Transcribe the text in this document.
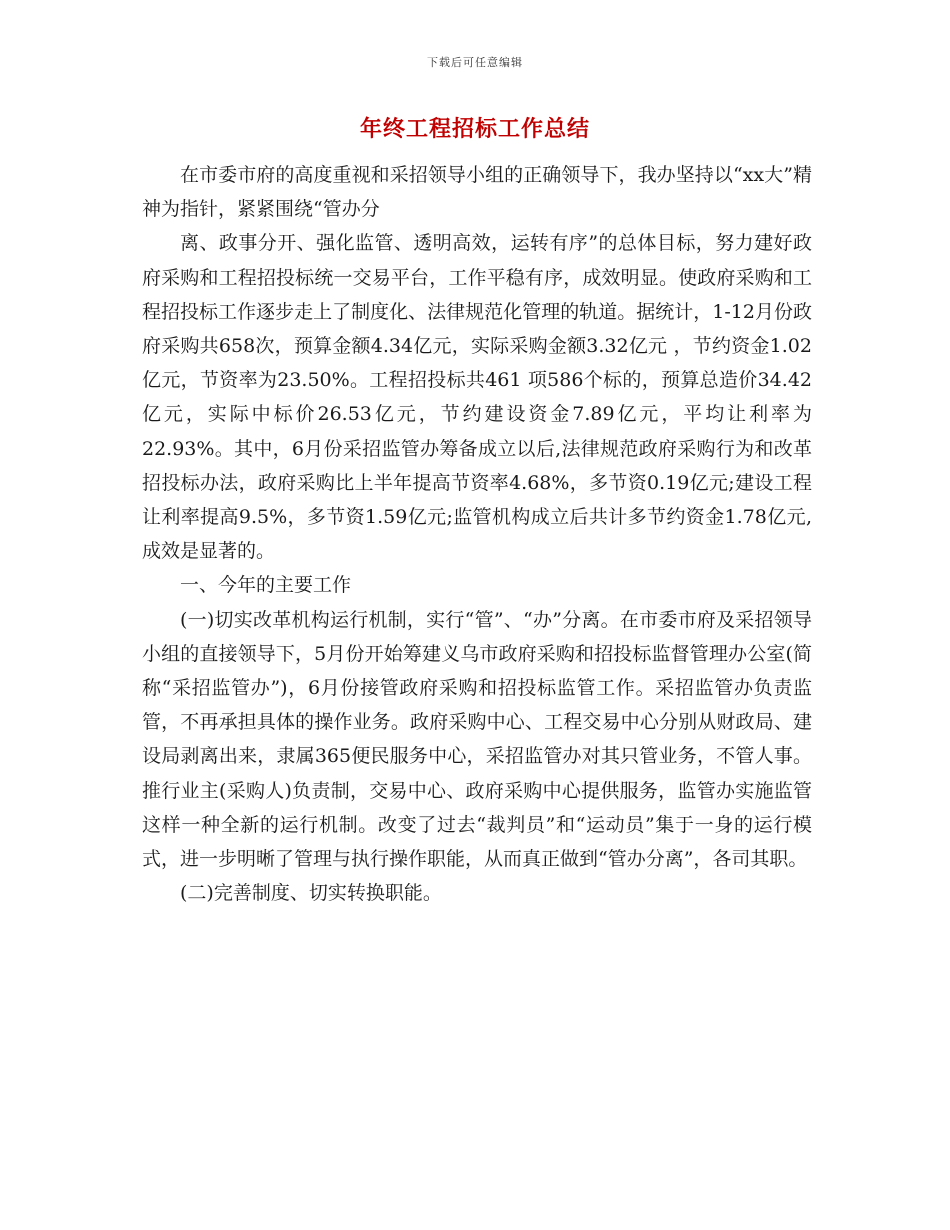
下载后可任意编辑
年终工程招标工作总结

在市委市府的高度重视和采招领导小组的正确领导下，我办坚持以“xx大”精神为指针，紧紧围绕“管办分

离、政事分开、强化监管、透明高效，运转有序”的总体目标，努力建好政府采购和工程招投标统一交易平台，工作平稳有序，成效明显。使政府采购和工程招投标工作逐步走上了制度化、法律规范化管理的轨道。据统计，1-12月份政府采购共658次，预算金额4.34亿元，实际采购金额3.32亿元 ，节约资金1.02亿元，节资率为23.50%。工程招投标共461 项586个标的，预算总造价34.42亿元，实际中标价26.53亿元，节约建设资金7.89亿元，平均让利率为22.93%。其中，6月份采招监管办筹备成立以后,法律规范政府采购行为和改革招投标办法，政府采购比上半年提高节资率4.68%，多节资0.19亿元;建设工程让利率提高9.5%，多节资1.59亿元;监管机构成立后共计多节约资金1.78亿元,成效是显著的。

一、今年的主要工作

(一)切实改革机构运行机制，实行“管”、“办”分离。在市委市府及采招领导小组的直接领导下，5月份开始筹建义乌市政府采购和招投标监督管理办公室(简称“采招监管办”)，6月份接管政府采购和招投标监管工作。采招监管办负责监管，不再承担具体的操作业务。政府采购中心、工程交易中心分别从财政局、建设局剥离出来，隶属365便民服务中心，采招监管办对其只管业务，不管人事。推行业主(采购人)负责制，交易中心、政府采购中心提供服务，监管办实施监管这样一种全新的运行机制。改变了过去“裁判员”和“运动员”集于一身的运行模式，进一步明晰了管理与执行操作职能，从而真正做到“管办分离”，各司其职。

(二)完善制度、切实转换职能。
